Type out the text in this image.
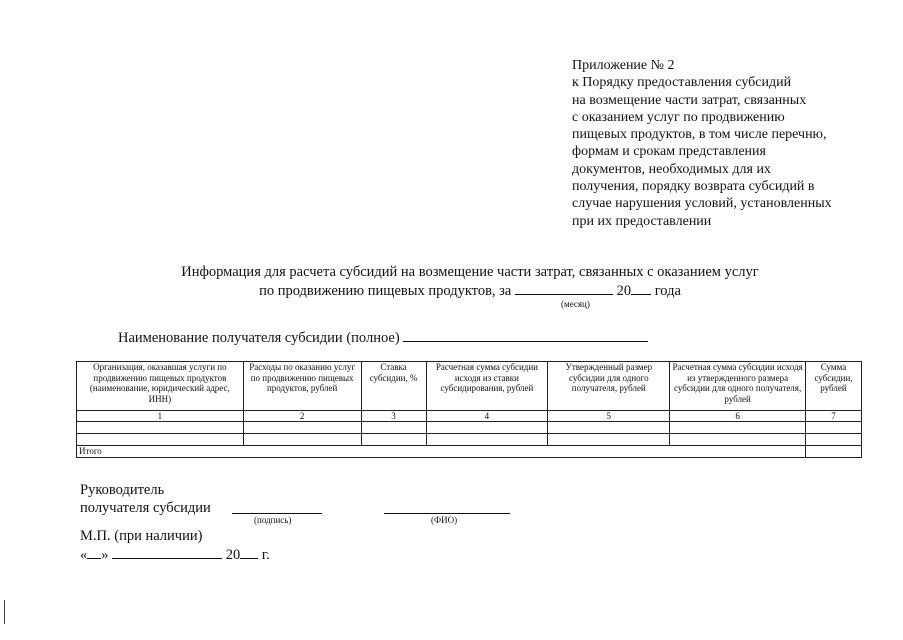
Приложение № 2
к Порядку предоставления субсидий
на возмещение части затрат, связанных
с оказанием услуг по продвижению
пищевых продуктов, в том числе перечню,
формам и срокам представления
документов, необходимых для их
получения, порядку возврата субсидий в
случае нарушения условий, установленных
при их предоставлении
Информация для расчета субсидий на возмещение части затрат, связанных с оказанием услуг
по продвижению пищевых продуктов, за	20 года
(месяц)
Наименование получателя субсидии (полное)
Организация, оказавшая услуги по продвижению пищевых продуктов (наименование, юридический адрес, ИНН)	Расходы по оказанию услуг по продвижению пищевых продуктов, рублей	Ставка субсидии, %	Расчетная сумма субсидии исходя из ставки субсидирования, рублей	Утвержденный размер субсидии для одного получателя, рублей	Расчетная сумма субсидии исходя из утвержденного размера субсидии для одного получателя, рублей	Сумма субсидии, рублей
1	2	3	4	5	6	7

Итого						
Руководитель
получателя субсидии
(подпись)	(ФИО)
М.П. (при наличии)
« »	20 г.
